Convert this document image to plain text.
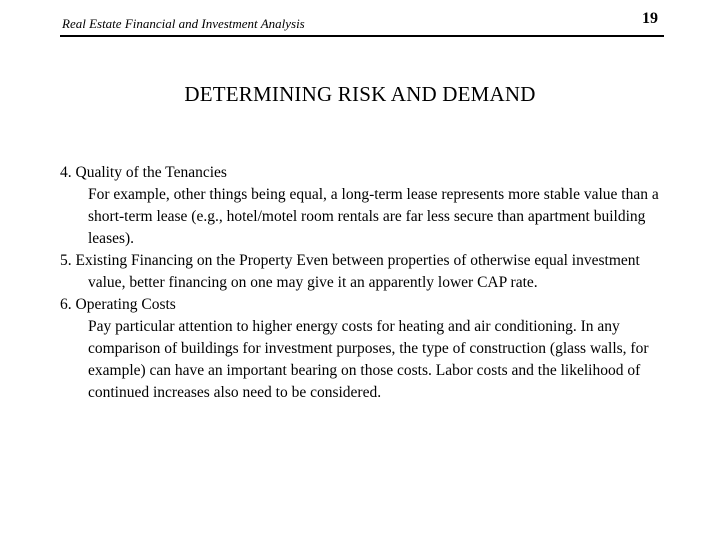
Real Estate Financial and Investment Analysis	19
DETERMINING RISK AND DEMAND

4. Quality of the Tenancies

For example, other things being equal, a long-term lease represents more stable value than a short-term lease (e.g., hotel/motel room rentals are far less secure than apartment building leases).

5. Existing Financing on the Property Even between properties of otherwise equal investment value, better financing on one may give it an apparently lower CAP rate.

6. Operating Costs

Pay particular attention to higher energy costs for heating and air conditioning. In any comparison of buildings for investment purposes, the type of construction (glass walls, for example) can have an important bearing on those costs. Labor costs and the likelihood of continued increases also need to be considered.
